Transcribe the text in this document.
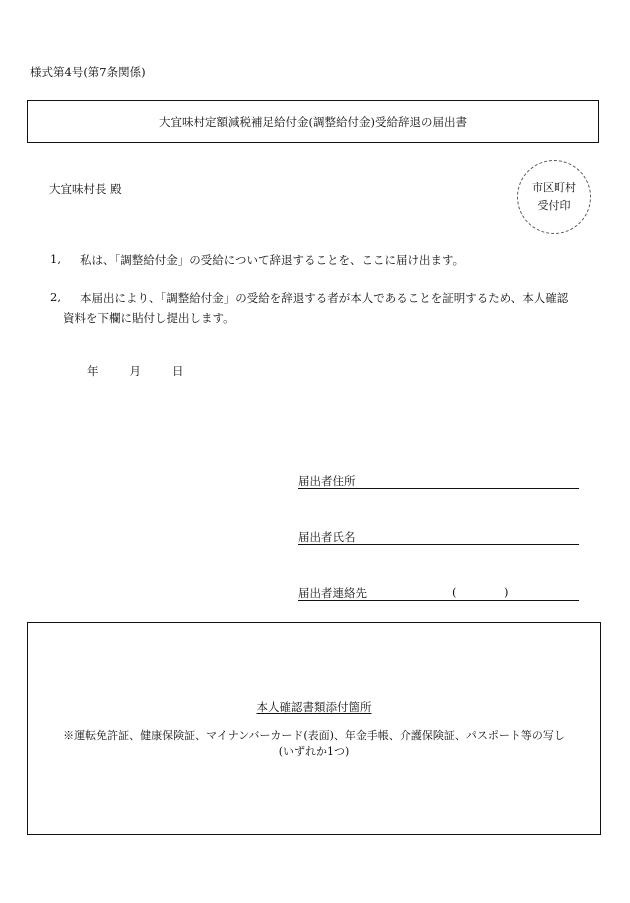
様式第4号(第7条関係)
大宜味村定額減税補足給付金(調整給付金)受給辞退の届出書
大宜味村長 殿	市区町村
受付印
1, 私は、「調整給付金」の受給について辞退することを、ここに届け出ます。
2, 本届出により、「調整給付金」の受給を辞退する者が本人であることを証明するため、本人確認
資料を下欄に貼付し提出します。
年	月	日
届出者住所
届出者氏名
届出者連絡先	(	)
本人確認書類添付箇所
※運転免許証、健康保険証、マイナンバーカード(表面)、年金手帳、介護保険証、パスポート等の写し
(いずれか1つ)
